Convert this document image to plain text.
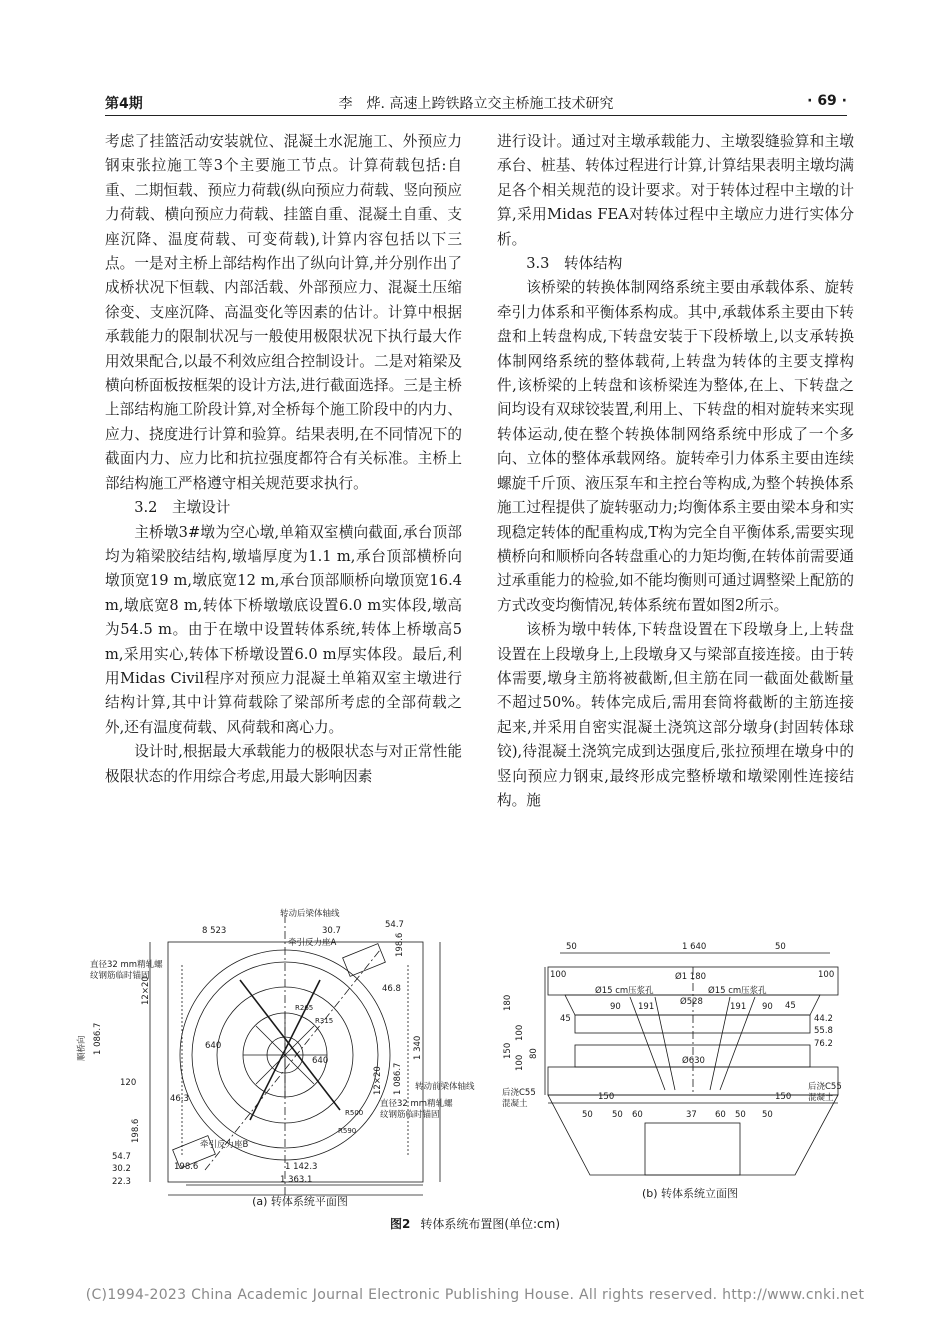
第4期	李　烨. 高速上跨铁路立交主桥施工技术研究	· 69 ·

考虑了挂篮活动安装就位、混凝土水泥施工、外预应力钢束张拉施工等3个主要施工节点。计算荷载包括:自重、二期恒载、预应力荷载(纵向预应力荷载、竖向预应力荷载、横向预应力荷载、挂篮自重、混凝土自重、支座沉降、温度荷载、可变荷载),计算内容包括以下三点。一是对主桥上部结构作出了纵向计算,并分别作出了成桥状况下恒载、内部活载、外部预应力、混凝土压缩徐变、支座沉降、高温变化等因素的估计。计算中根据承载能力的限制状况与一般使用极限状况下执行最大作用效果配合,以最不利效应组合控制设计。二是对箱梁及横向桥面板按框架的设计方法,进行截面选择。三是主桥上部结构施工阶段计算,对全桥每个施工阶段中的内力、应力、挠度进行计算和验算。结果表明,在不同情况下的截面内力、应力比和抗拉强度都符合有关标准。主桥上部结构施工严格遵守相关规范要求执行。

3.2　主墩设计

主桥墩3#墩为空心墩,单箱双室横向截面,承台顶部均为箱梁胶结结构,墩墙厚度为1.1 m,承台顶部横桥向墩顶宽19 m,墩底宽12 m,承台顶部顺桥向墩顶宽16.4 m,墩底宽8 m,转体下桥墩墩底设置6.0 m实体段,墩高为54.5 m。由于在墩中设置转体系统,转体上桥墩高5 m,采用实心,转体下桥墩设置6.0 m厚实体段。最后,利用Midas Civil程序对预应力混凝土单箱双室主墩进行结构计算,其中计算荷载除了梁部所考虑的全部荷载之外,还有温度荷载、风荷载和离心力。

设计时,根据最大承载能力的极限状态与对正常性能极限状态的作用综合考虑,用最大影响因素

进行设计。通过对主墩承载能力、主墩裂缝验算和主墩承台、桩基、转体过程进行计算,计算结果表明主墩均满足各个相关规范的设计要求。对于转体过程中主墩的计算,采用Midas FEA对转体过程中主墩应力进行实体分析。

3.3　转体结构

该桥梁的转换体制网络系统主要由承载体系、旋转牵引力体系和平衡体系构成。其中,承载体系主要由下转盘和上转盘构成,下转盘安装于下段桥墩上,以支承转换体制网络系统的整体载荷,上转盘为转体的主要支撑构件,该桥梁的上转盘和该桥梁连为整体,在上、下转盘之间均设有双球铰装置,利用上、下转盘的相对旋转来实现转体运动,使在整个转换体制网络系统中形成了一个多向、立体的整体承载网络。旋转牵引力体系主要由连续螺旋千斤顶、液压泵车和主控台等构成,为整个转换体系施工过程提供了旋转驱动力;均衡体系主要由梁本身和实现稳定转体的配重构成,T构为完全自平衡体系,需要实现横桥向和顺桥向各转盘重心的力矩均衡,在转体前需要通过承重能力的检验,如不能均衡则可通过调整梁上配筋的方式改变均衡情况,转体系统布置如图2所示。

该桥为墩中转体,下转盘设置在下段墩身上,上转盘设置在上段墩身上,上段墩身又与梁部直接连接。由于转体需要,墩身主筋将被截断,但主筋在同一截面处截断量不超过50%。转体完成后,需用套筒将截断的主筋连接起来,并采用自密实混凝土浇筑这部分墩身(封固转体球铰),待混凝土浇筑完成到达强度后,张拉预埋在墩身中的竖向预应力钢束,最终形成完整桥墩和墩梁刚性连接结构。施

转动后梁体轴线
8 523	30.7
54.7
牵引反力座A	198.6
直径32 mm精轧螺
纹钢筋临时锚固
46.8
12×20
1 086.7
顺桥向	640	1 340
640
R265
R315
R500
R590
12×20 1 086.7 转动前梁体轴线
直径32 mm精轧螺
纹钢筋临时锚固
120
46.3
198.6
牵引反力座B
54.7
30.2	198.6	1 142.3
22.3	1 363.1
1 640
50	50
100	100
Ø1 180
Ø15 cm压浆孔	Ø15 cm压浆孔
Ø528
90 191	191 90 45
45	44.2
55.8
76.2
180
150
100
100
80
Ø630
150	150
后浇C55
混凝土
后浇C55
混凝土
50 50 60	37 60 50 50
(a) 转体系统平面图
(b) 转体系统立面图
图2 转体系统布置图(单位:cm)
(C)1994-2023 China Academic Journal Electronic Publishing House. All rights reserved. http://www.cnki.net
